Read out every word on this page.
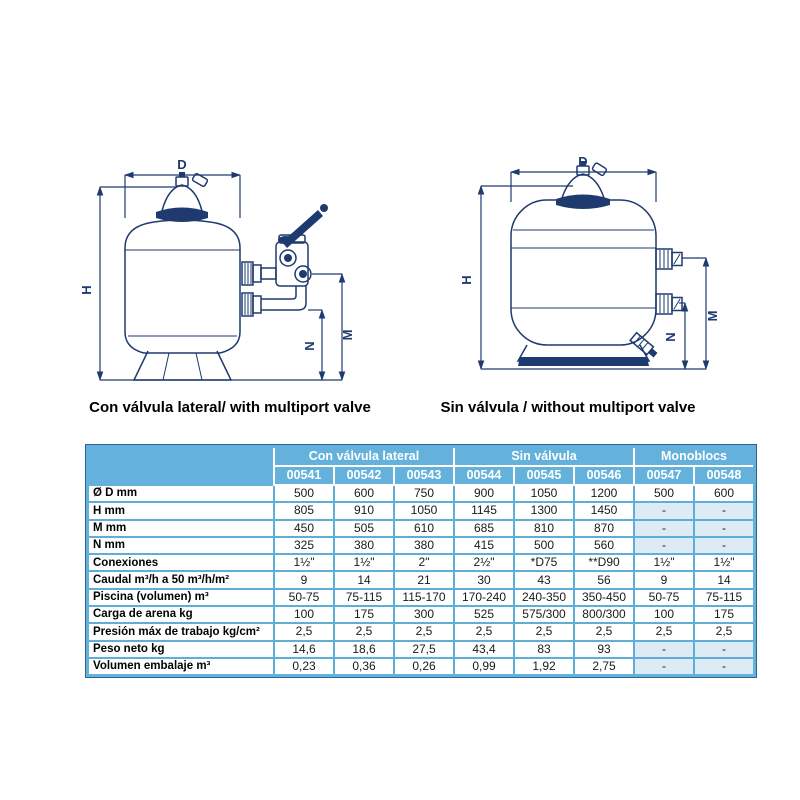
D
H
M
N
D
H
M
N
Con válvula lateral/ with multiport valve	Sin válvula / without multiport valve
	Con válvula lateral			Sin válvula			Monoblocs	
	00541	00542	00543	00544	00545	00546	00547	00548
Ø D mm	500	600	750	900	1050	1200	500	600
H mm	805	910	1050	1145	1300	1450	-	-
M mm	450	505	610	685	810	870	-	-
N mm	325	380	380	415	500	560	-	-
Conexiones	1½"	1½"	2"	2½"	*D75	**D90	1½"	1½"
Caudal m³/h a 50 m³/h/m²	9	14	21	30	43	56	9	14
Piscina (volumen) m³	50-75	75-115	115-170	170-240	240-350	350-450	50-75	75-115
Carga de arena kg	100	175	300	525	575/300	800/300	100	175
Presión máx de trabajo kg/cm²	2,5	2,5	2,5	2,5	2,5	2,5	2,5	2,5
Peso neto kg	14,6	18,6	27,5	43,4	83	93	-	-
Volumen embalaje m³	0,23	0,36	0,26	0,99	1,92	2,75	-	-
